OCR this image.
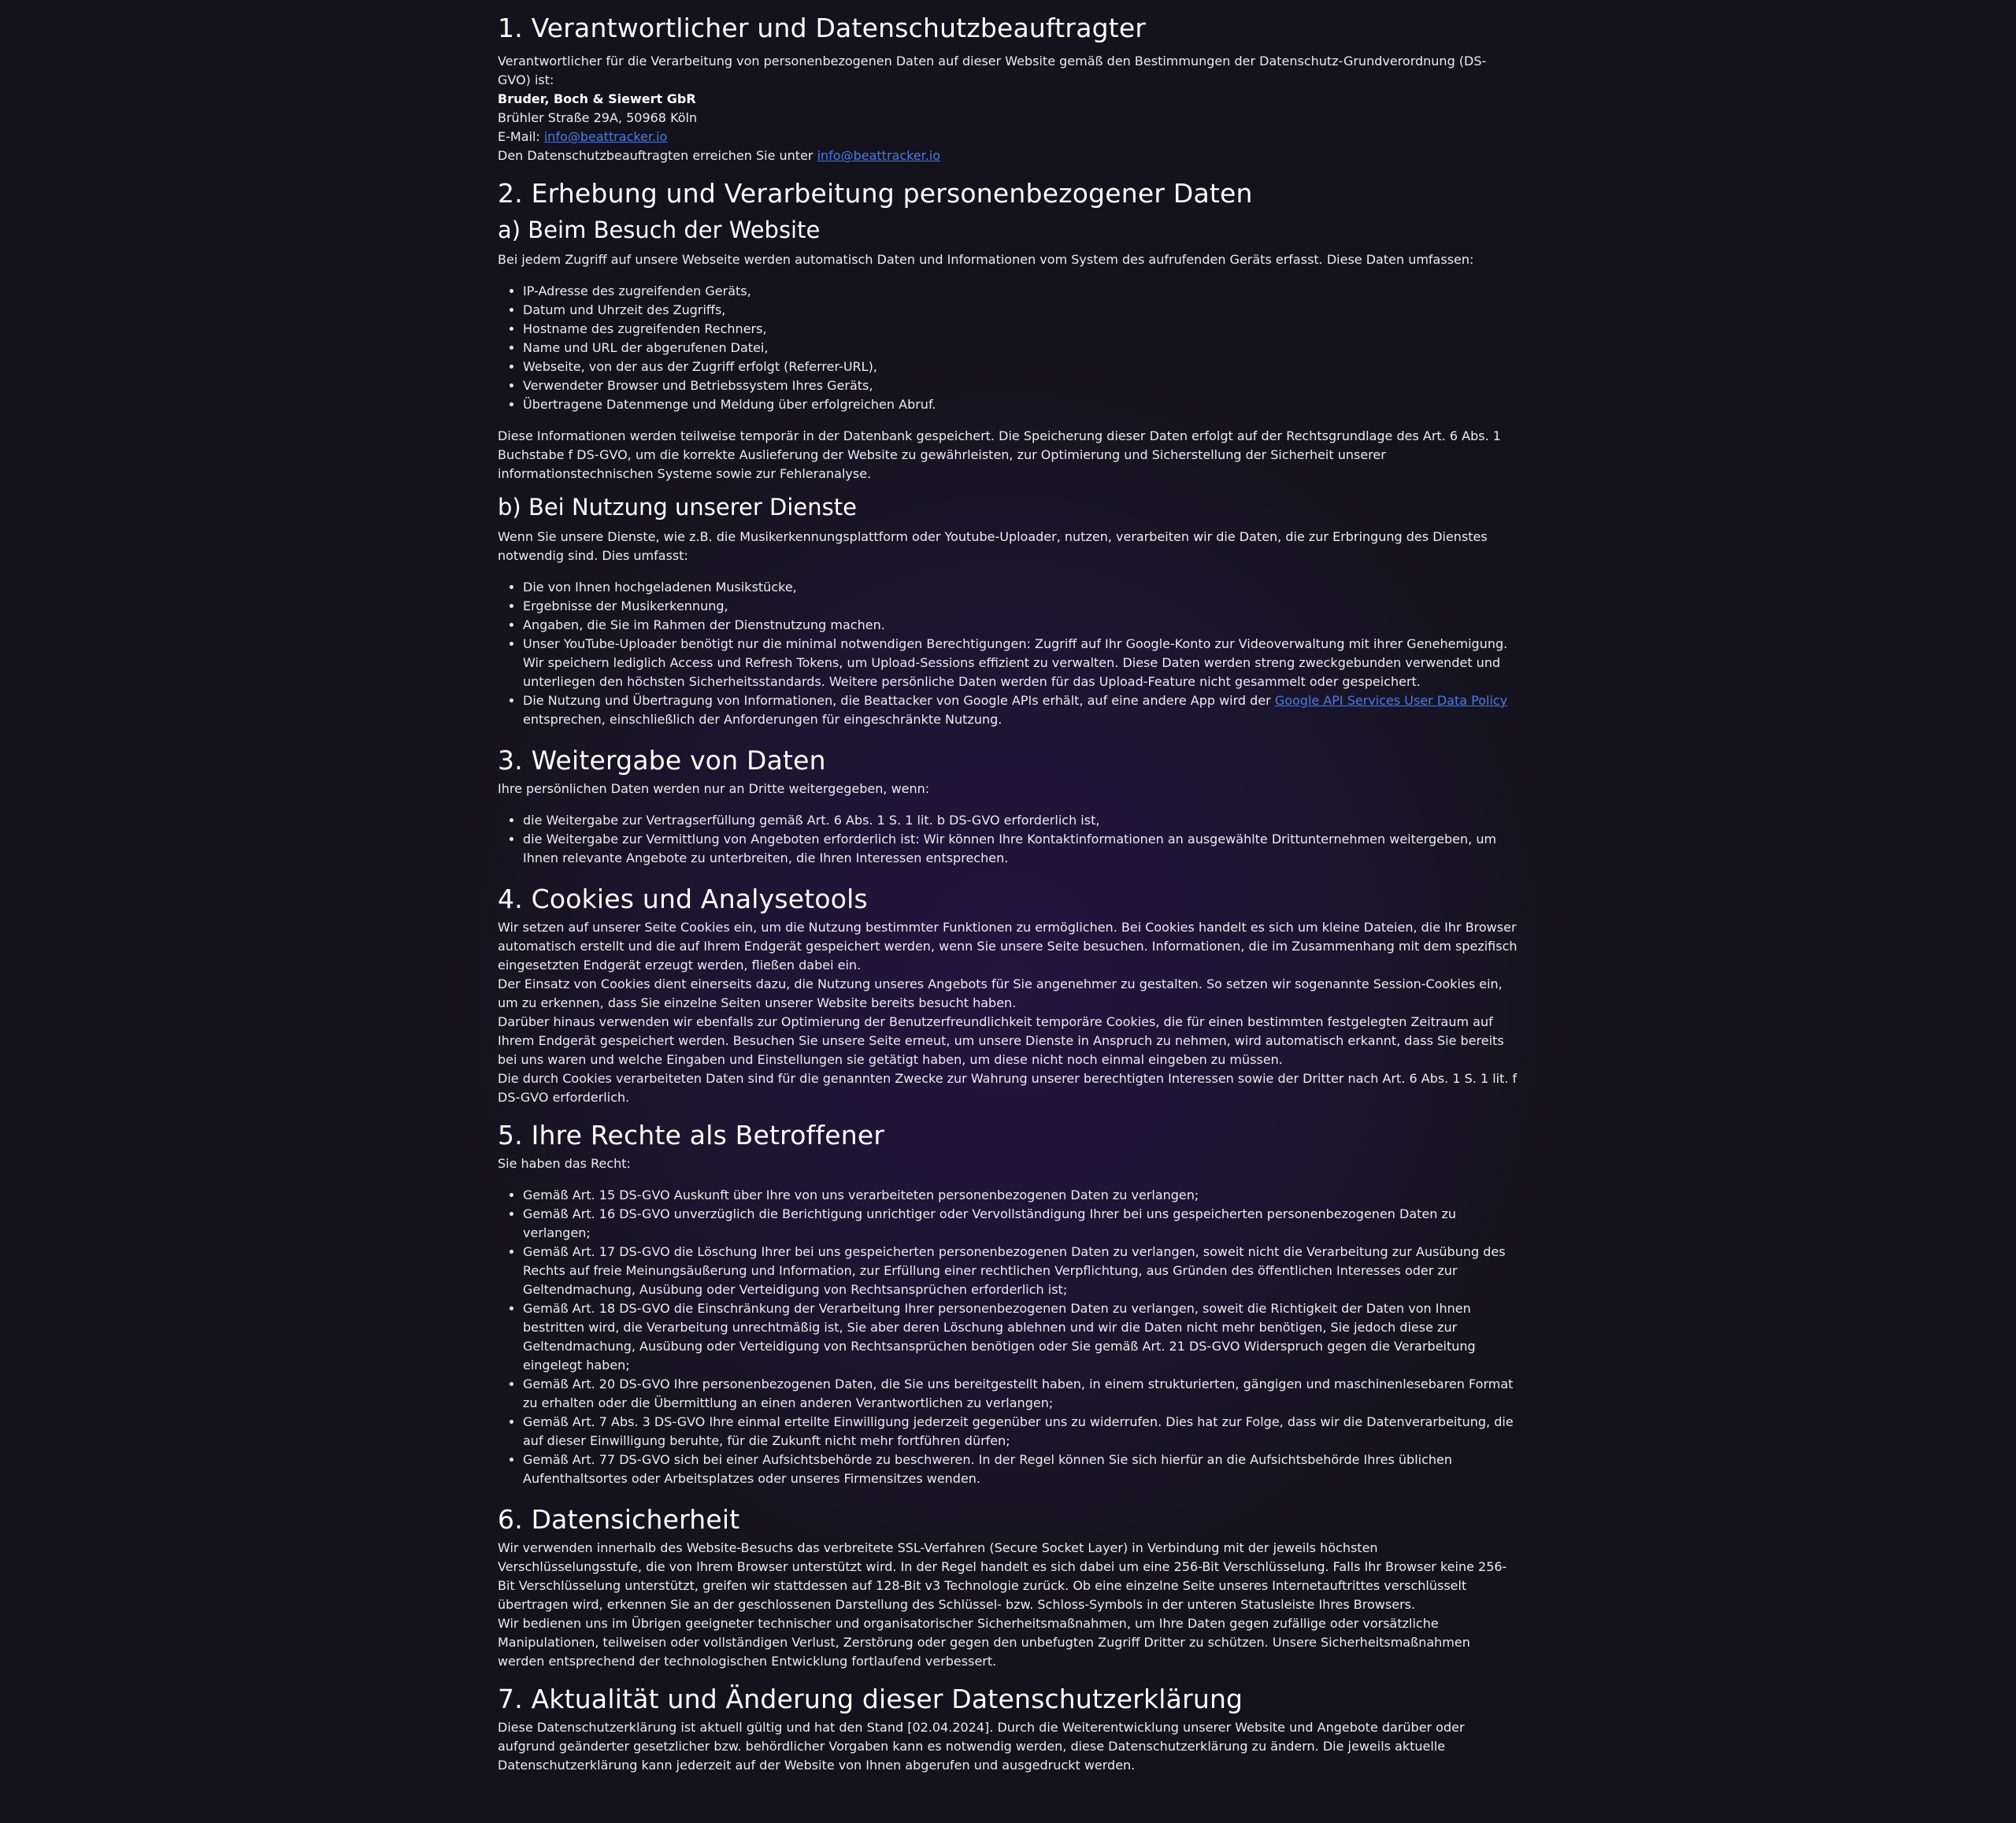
1. Verantwortlicher und Datenschutzbeauftragter

Verantwortlicher für die Verarbeitung von personenbezogenen Daten auf dieser Website gemäß den Bestimmungen der Datenschutz-Grundverordnung (DS-GVO) ist:

Bruder, Boch & Siewert GbR

Brühler Straße 29A, 50968 Köln

E-Mail: info@beattracker.io

Den Datenschutzbeauftragten erreichen Sie unter info@beattracker.io

2. Erhebung und Verarbeitung personenbezogener Daten
a) Beim Besuch der Website

Bei jedem Zugriff auf unsere Webseite werden automatisch Daten und Informationen vom System des aufrufenden Geräts erfasst. Diese Daten umfassen:

• IP-Adresse des zugreifenden Geräts,
• Datum und Uhrzeit des Zugriffs,
• Hostname des zugreifenden Rechners,
• Name und URL der abgerufenen Datei,
• Webseite, von der aus der Zugriff erfolgt (Referrer-URL),
• Verwendeter Browser und Betriebssystem Ihres Geräts,
• Übertragene Datenmenge und Meldung über erfolgreichen Abruf.

Diese Informationen werden teilweise temporär in der Datenbank gespeichert. Die Speicherung dieser Daten erfolgt auf der Rechtsgrundlage des Art. 6 Abs. 1 Buchstabe f DS-GVO, um die korrekte Auslieferung der Website zu gewährleisten, zur Optimierung und Sicherstellung der Sicherheit unserer informationstechnischen Systeme sowie zur Fehleranalyse.

b) Bei Nutzung unserer Dienste

Wenn Sie unsere Dienste, wie z.B. die Musikerkennungsplattform oder Youtube-Uploader, nutzen, verarbeiten wir die Daten, die zur Erbringung des Dienstes notwendig sind. Dies umfasst:

• Die von Ihnen hochgeladenen Musikstücke,
• Ergebnisse der Musikerkennung,
• Angaben, die Sie im Rahmen der Dienstnutzung machen.
• Unser YouTube-Uploader benötigt nur die minimal notwendigen Berechtigungen: Zugriff auf Ihr Google-Konto zur Videoverwaltung mit ihrer Genehemigung. Wir speichern lediglich Access und Refresh Tokens, um Upload-Sessions effizient zu verwalten. Diese Daten werden streng zweckgebunden verwendet und unterliegen den höchsten Sicherheitsstandards. Weitere persönliche Daten werden für das Upload-Feature nicht gesammelt oder gespeichert.
• Die Nutzung und Übertragung von Informationen, die Beattacker von Google APIs erhält, auf eine andere App wird der Google API Services User Data Policy entsprechen, einschließlich der Anforderungen für eingeschränkte Nutzung.
3. Weitergabe von Daten

Ihre persönlichen Daten werden nur an Dritte weitergegeben, wenn:

• die Weitergabe zur Vertragserfüllung gemäß Art. 6 Abs. 1 S. 1 lit. b DS-GVO erforderlich ist,
• die Weitergabe zur Vermittlung von Angeboten erforderlich ist: Wir können Ihre Kontaktinformationen an ausgewählte Drittunternehmen weitergeben, um Ihnen relevante Angebote zu unterbreiten, die Ihren Interessen entsprechen.
4. Cookies und Analysetools

Wir setzen auf unserer Seite Cookies ein, um die Nutzung bestimmter Funktionen zu ermöglichen. Bei Cookies handelt es sich um kleine Dateien, die Ihr Browser automatisch erstellt und die auf Ihrem Endgerät gespeichert werden, wenn Sie unsere Seite besuchen. Informationen, die im Zusammenhang mit dem spezifisch eingesetzten Endgerät erzeugt werden, fließen dabei ein.

Der Einsatz von Cookies dient einerseits dazu, die Nutzung unseres Angebots für Sie angenehmer zu gestalten. So setzen wir sogenannte Session-Cookies ein, um zu erkennen, dass Sie einzelne Seiten unserer Website bereits besucht haben.

Darüber hinaus verwenden wir ebenfalls zur Optimierung der Benutzerfreundlichkeit temporäre Cookies, die für einen bestimmten festgelegten Zeitraum auf Ihrem Endgerät gespeichert werden. Besuchen Sie unsere Seite erneut, um unsere Dienste in Anspruch zu nehmen, wird automatisch erkannt, dass Sie bereits bei uns waren und welche Eingaben und Einstellungen sie getätigt haben, um diese nicht noch einmal eingeben zu müssen.

Die durch Cookies verarbeiteten Daten sind für die genannten Zwecke zur Wahrung unserer berechtigten Interessen sowie der Dritter nach Art. 6 Abs. 1 S. 1 lit. f DS-GVO erforderlich.

5. Ihre Rechte als Betroffener

Sie haben das Recht:

• Gemäß Art. 15 DS-GVO Auskunft über Ihre von uns verarbeiteten personenbezogenen Daten zu verlangen;
• Gemäß Art. 16 DS-GVO unverzüglich die Berichtigung unrichtiger oder Vervollständigung Ihrer bei uns gespeicherten personenbezogenen Daten zu verlangen;
• Gemäß Art. 17 DS-GVO die Löschung Ihrer bei uns gespeicherten personenbezogenen Daten zu verlangen, soweit nicht die Verarbeitung zur Ausübung des Rechts auf freie Meinungsäußerung und Information, zur Erfüllung einer rechtlichen Verpflichtung, aus Gründen des öffentlichen Interesses oder zur Geltendmachung, Ausübung oder Verteidigung von Rechtsansprüchen erforderlich ist;
• Gemäß Art. 18 DS-GVO die Einschränkung der Verarbeitung Ihrer personenbezogenen Daten zu verlangen, soweit die Richtigkeit der Daten von Ihnen bestritten wird, die Verarbeitung unrechtmäßig ist, Sie aber deren Löschung ablehnen und wir die Daten nicht mehr benötigen, Sie jedoch diese zur Geltendmachung, Ausübung oder Verteidigung von Rechtsansprüchen benötigen oder Sie gemäß Art. 21 DS-GVO Widerspruch gegen die Verarbeitung eingelegt haben;
• Gemäß Art. 20 DS-GVO Ihre personenbezogenen Daten, die Sie uns bereitgestellt haben, in einem strukturierten, gängigen und maschinenlesebaren Format zu erhalten oder die Übermittlung an einen anderen Verantwortlichen zu verlangen;
• Gemäß Art. 7 Abs. 3 DS-GVO Ihre einmal erteilte Einwilligung jederzeit gegenüber uns zu widerrufen. Dies hat zur Folge, dass wir die Datenverarbeitung, die auf dieser Einwilligung beruhte, für die Zukunft nicht mehr fortführen dürfen;
• Gemäß Art. 77 DS-GVO sich bei einer Aufsichtsbehörde zu beschweren. In der Regel können Sie sich hierfür an die Aufsichtsbehörde Ihres üblichen Aufenthaltsortes oder Arbeitsplatzes oder unseres Firmensitzes wenden.
6. Datensicherheit

Wir verwenden innerhalb des Website-Besuchs das verbreitete SSL-Verfahren (Secure Socket Layer) in Verbindung mit der jeweils höchsten Verschlüsselungsstufe, die von Ihrem Browser unterstützt wird. In der Regel handelt es sich dabei um eine 256-Bit Verschlüsselung. Falls Ihr Browser keine 256-Bit Verschlüsselung unterstützt, greifen wir stattdessen auf 128-Bit v3 Technologie zurück. Ob eine einzelne Seite unseres Internetauftrittes verschlüsselt übertragen wird, erkennen Sie an der geschlossenen Darstellung des Schlüssel- bzw. Schloss-Symbols in der unteren Statusleiste Ihres Browsers.

Wir bedienen uns im Übrigen geeigneter technischer und organisatorischer Sicherheitsmaßnahmen, um Ihre Daten gegen zufällige oder vorsätzliche Manipulationen, teilweisen oder vollständigen Verlust, Zerstörung oder gegen den unbefugten Zugriff Dritter zu schützen. Unsere Sicherheitsmaßnahmen werden entsprechend der technologischen Entwicklung fortlaufend verbessert.

7. Aktualität und Änderung dieser Datenschutzerklärung

Diese Datenschutzerklärung ist aktuell gültig und hat den Stand [02.04.2024]. Durch die Weiterentwicklung unserer Website und Angebote darüber oder aufgrund geänderter gesetzlicher bzw. behördlicher Vorgaben kann es notwendig werden, diese Datenschutzerklärung zu ändern. Die jeweils aktuelle Datenschutzerklärung kann jederzeit auf der Website von Ihnen abgerufen und ausgedruckt werden.
